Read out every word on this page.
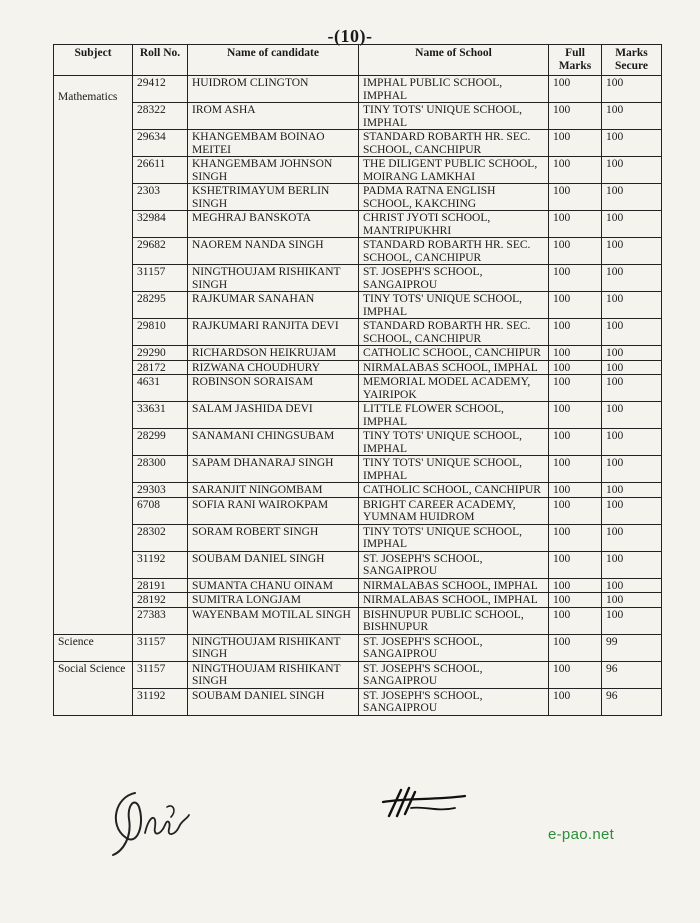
-(10)-
Subject	Roll No.	Name of candidate	Name of School	Full Marks	Marks Secure

Mathematics	29412	HUIDROM CLINGTON	IMPHAL PUBLIC SCHOOL, IMPHAL	100	100
	28322	IROM ASHA	TINY TOTS' UNIQUE SCHOOL, IMPHAL	100	100
	29634	KHANGEMBAM BOINAO MEITEI	STANDARD ROBARTH HR. SEC. SCHOOL, CANCHIPUR	100	100
	26611	KHANGEMBAM JOHNSON SINGH	THE DILIGENT PUBLIC SCHOOL, MOIRANG LAMKHAI	100	100
	2303	KSHETRIMAYUM BERLIN SINGH	PADMA RATNA ENGLISH SCHOOL, KAKCHING	100	100
	32984	MEGHRAJ BANSKOTA	CHRIST JYOTI SCHOOL, MANTRIPUKHRI	100	100
	29682	NAOREM NANDA SINGH	STANDARD ROBARTH HR. SEC. SCHOOL, CANCHIPUR	100	100
	31157	NINGTHOUJAM RISHIKANT SINGH	ST. JOSEPH'S SCHOOL, SANGAIPROU	100	100
	28295	RAJKUMAR SANAHAN	TINY TOTS' UNIQUE SCHOOL, IMPHAL	100	100
	29810	RAJKUMARI RANJITA DEVI	STANDARD ROBARTH HR. SEC. SCHOOL, CANCHIPUR	100	100
	29290	RICHARDSON HEIKRUJAM	CATHOLIC SCHOOL, CANCHIPUR	100	100
	28172	RIZWANA CHOUDHURY	NIRMALABAS SCHOOL, IMPHAL	100	100
	4631	ROBINSON SORAISAM	MEMORIAL MODEL ACADEMY, YAIRIPOK	100	100
	33631	SALAM JASHIDA DEVI	LITTLE FLOWER SCHOOL, IMPHAL	100	100
	28299	SANAMANI CHINGSUBAM	TINY TOTS' UNIQUE SCHOOL, IMPHAL	100	100
	28300	SAPAM DHANARAJ SINGH	TINY TOTS' UNIQUE SCHOOL, IMPHAL	100	100
	29303	SARANJIT NINGOMBAM	CATHOLIC SCHOOL, CANCHIPUR	100	100
	6708	SOFIA RANI WAIROKPAM	BRIGHT CAREER ACADEMY, YUMNAM HUIDROM	100	100
	28302	SORAM ROBERT SINGH	TINY TOTS' UNIQUE SCHOOL, IMPHAL	100	100
	31192	SOUBAM DANIEL SINGH	ST. JOSEPH'S SCHOOL, SANGAIPROU	100	100
	28191	SUMANTA CHANU OINAM	NIRMALABAS SCHOOL, IMPHAL	100	100
	28192	SUMITRA LONGJAM	NIRMALABAS SCHOOL, IMPHAL	100	100
	27383	WAYENBAM MOTILAL SINGH	BISHNUPUR PUBLIC SCHOOL, BISHNUPUR	100	100
Science	31157	NINGTHOUJAM RISHIKANT SINGH	ST. JOSEPH'S SCHOOL, SANGAIPROU	100	99
Social Science	31157	NINGTHOUJAM RISHIKANT SINGH	ST. JOSEPH'S SCHOOL, SANGAIPROU	100	96
	31192	SOUBAM DANIEL SINGH	ST. JOSEPH'S SCHOOL, SANGAIPROU	100	96
e-pao.net
